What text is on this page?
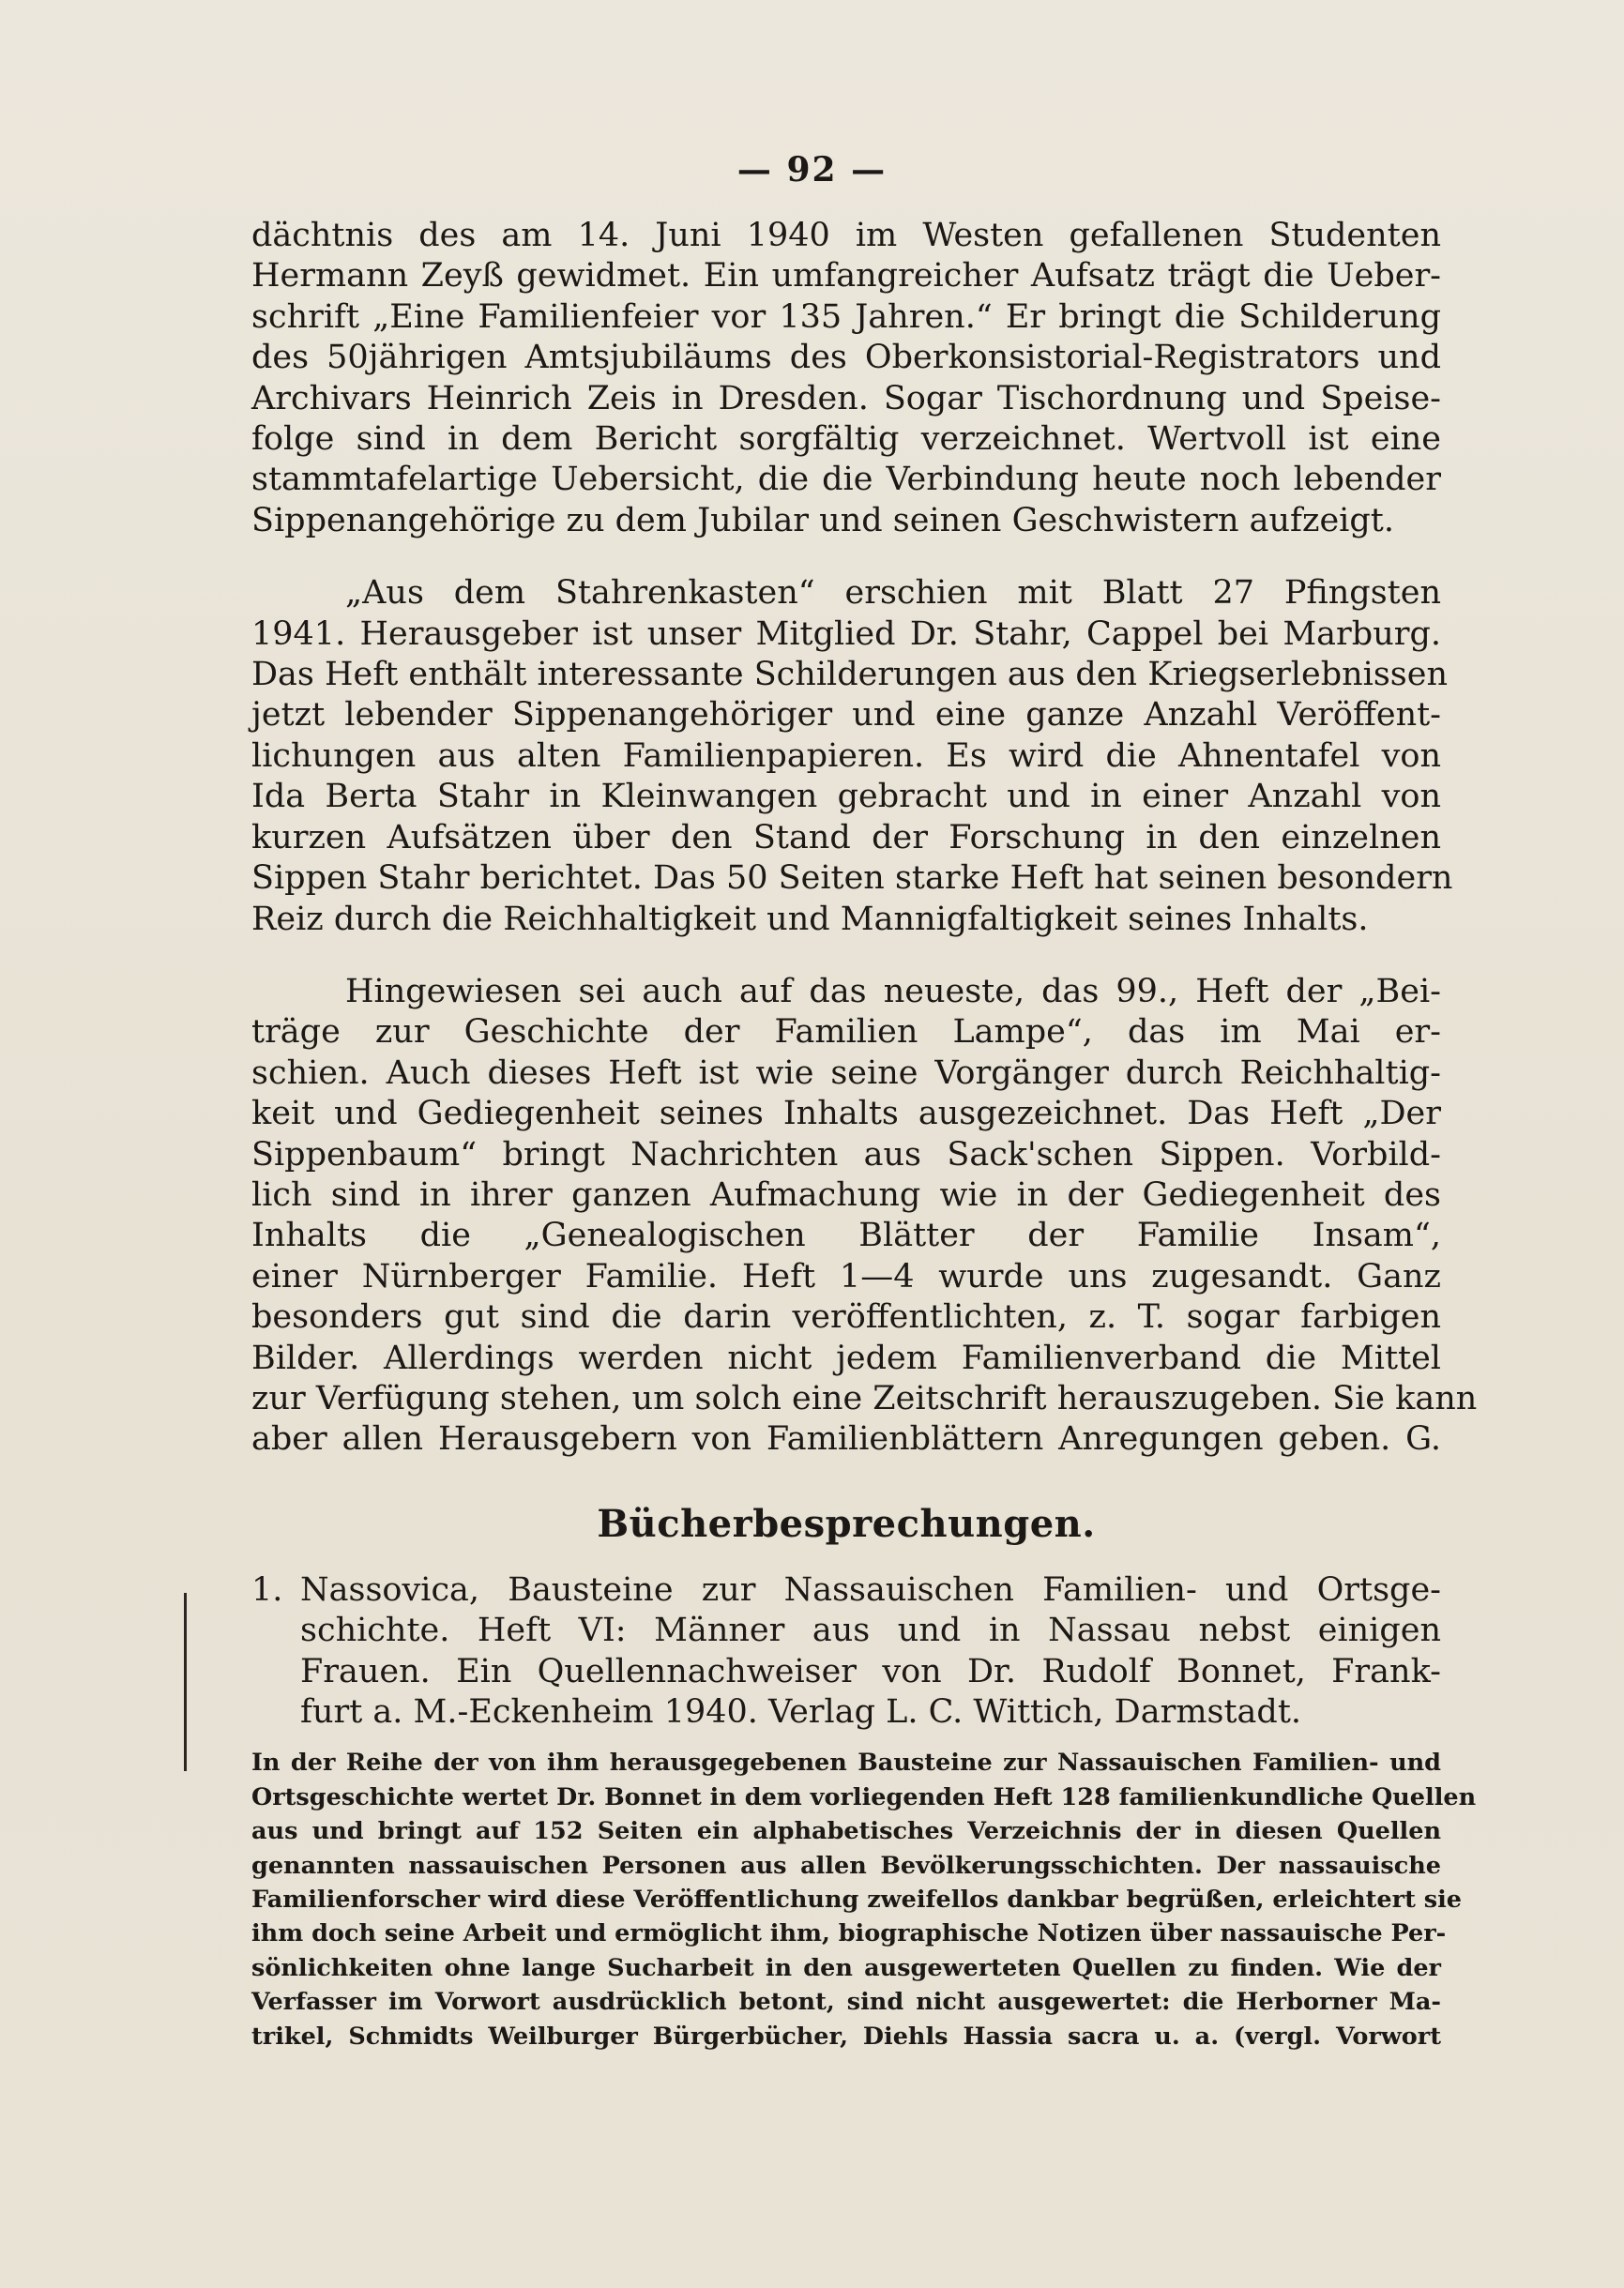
— 92 —

dächtnis des am 14. Juni 1940 im Westen gefallenen Studenten
Hermann Zeyß gewidmet. Ein umfangreicher Aufsatz trägt die Ueber-
schrift „Eine Familienfeier vor 135 Jahren.“ Er bringt die Schilderung
des 50jährigen Amtsjubiläums des Oberkonsistorial-Registrators und
Archivars Heinrich Zeis in Dresden. Sogar Tischordnung und Speise-
folge sind in dem Bericht sorgfältig verzeichnet. Wertvoll ist eine
stammtafelartige Uebersicht, die die Verbindung heute noch lebender
Sippenangehörige zu dem Jubilar und seinen Geschwistern aufzeigt.

„Aus dem Stahrenkasten“ erschien mit Blatt 27 Pfingsten
1941. Herausgeber ist unser Mitglied Dr. Stahr, Cappel bei Marburg.
Das Heft enthält interessante Schilderungen aus den Kriegserlebnissen
jetzt lebender Sippenangehöriger und eine ganze Anzahl Veröffent-
lichungen aus alten Familienpapieren. Es wird die Ahnentafel von
Ida Berta Stahr in Kleinwangen gebracht und in einer Anzahl von
kurzen Aufsätzen über den Stand der Forschung in den einzelnen
Sippen Stahr berichtet. Das 50 Seiten starke Heft hat seinen besondern
Reiz durch die Reichhaltigkeit und Mannigfaltigkeit seines Inhalts.

Hingewiesen sei auch auf das neueste, das 99., Heft der „Bei-
träge zur Geschichte der Familien Lampe“, das im Mai er-
schien. Auch dieses Heft ist wie seine Vorgänger durch Reichhaltig-
keit und Gediegenheit seines Inhalts ausgezeichnet. Das Heft „Der
Sippenbaum“ bringt Nachrichten aus Sack'schen Sippen. Vorbild-
lich sind in ihrer ganzen Aufmachung wie in der Gediegenheit des
Inhalts die „Genealogischen Blätter der Familie Insam“,
einer Nürnberger Familie. Heft 1—4 wurde uns zugesandt. Ganz
besonders gut sind die darin veröffentlichten, z. T. sogar farbigen
Bilder. Allerdings werden nicht jedem Familienverband die Mittel
zur Verfügung stehen, um solch eine Zeitschrift herauszugeben. Sie kann
aber allen Herausgebern von Familienblättern Anregungen geben. G.

Bücherbesprechungen.
1. Nassovica, Bausteine zur Nassauischen Familien- und Ortsge-
schichte. Heft VI: Männer aus und in Nassau nebst einigen
Frauen. Ein Quellennachweiser von Dr. Rudolf Bonnet, Frank-
furt a. M.-Eckenheim 1940. Verlag L. C. Wittich, Darmstadt.

In der Reihe der von ihm herausgegebenen Bausteine zur Nassauischen Familien- und
Ortsgeschichte wertet Dr. Bonnet in dem vorliegenden Heft 128 familienkundliche Quellen
aus und bringt auf 152 Seiten ein alphabetisches Verzeichnis der in diesen Quellen
genannten nassauischen Personen aus allen Bevölkerungsschichten. Der nassauische
Familienforscher wird diese Veröffentlichung zweifellos dankbar begrüßen, erleichtert sie
ihm doch seine Arbeit und ermöglicht ihm, biographische Notizen über nassauische Per-
sönlichkeiten ohne lange Sucharbeit in den ausgewerteten Quellen zu finden. Wie der
Verfasser im Vorwort ausdrücklich betont, sind nicht ausgewertet: die Herborner Ma-
trikel, Schmidts Weilburger Bürgerbücher, Diehls Hassia sacra u. a. (vergl. Vorwort
